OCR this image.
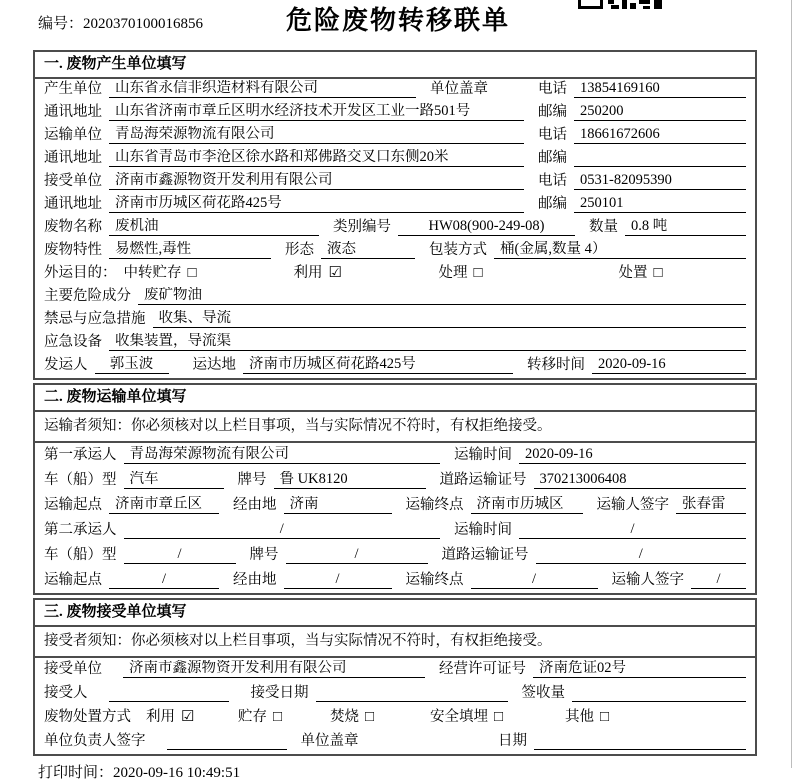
编号：2020370100016856	危险废物转移联单
一. 废物产生单位填写
产生单位 山东省永信非织造材料有限公司	单位盖章	电话 13854169160
通讯地址 山东省济南市章丘区明水经济技术开发区工业一路501号	邮编 250200
运输单位 青岛海荣源物流有限公司	电话 18661672606
通讯地址 山东省青岛市李沧区徐水路和郑佛路交叉口东侧20米	邮编
接受单位 济南市鑫源物资开发利用有限公司	电话 0531-82095390
通讯地址 济南市历城区荷花路425号	邮编 250101
废物名称 废机油	类别编号	HW08(900-249-08)	数量 0.8 吨
废物特性 易燃性,毒性	形态 液态	包装方式 桶(金属,数量 4）
外运目的： 中转贮存 □	利用 ☑	处理 □	处置 □
主要危险成分 废矿物油
禁忌与应急措施 收集、导流
应急设备 收集装置，导流渠
发运人	郭玉波	运达地 济南市历城区荷花路425号	转移时间 2020-09-16
二. 废物运输单位填写
运输者须知：你必须核对以上栏目事项，当与实际情况不符时，有权拒绝接受。
第一承运人 青岛海荣源物流有限公司	运输时间 2020-09-16
车（船）型 汽车	牌号 鲁 UK8120	道路运输证号 370213006408
运输起点 济南市章丘区	经由地 济南	运输终点 济南市历城区	运输人签字 张春雷
第二承运人	/	运输时间	/
车（船）型	/	牌号	/	道路运输证号	/
运输起点	/	经由地	/	运输终点	/	运输人签字	/
三. 废物接受单位填写
接受者须知：你必须核对以上栏目事项，当与实际情况不符时，有权拒绝接受。
接受单位	济南市鑫源物资开发利用有限公司	经营许可证号 济南危证02号
接受人	接受日期	签收量
废物处置方式 利用 ☑	贮存 □	焚烧 □	安全填埋 □	其他 □
单位负责人签字	单位盖章	日期
打印时间：2020-09-16 10:49:51
